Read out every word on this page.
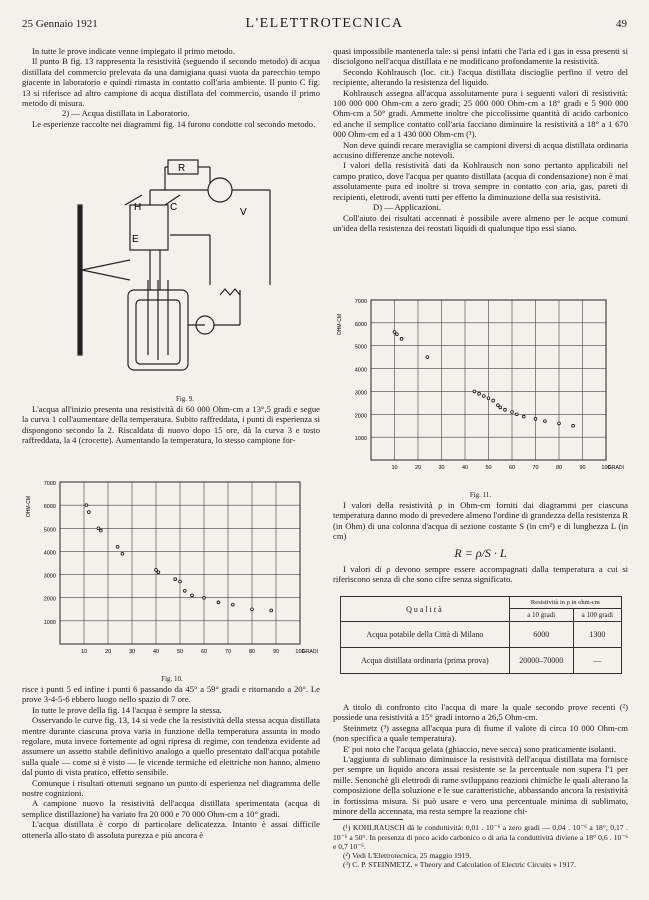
25 Gennaio 1921	L'ELETTROTECNICA	49

In tutte le prove indicate venne impiegato il primo metodo.

Il punto B fig. 13 rappresenta la resistività (seguendo il secondo metodo) di acqua distillata del commercio prelevata da una damigiana quasi vuota da parecchio tempo giacente in laboratorio e quindi rimasta in contatto coll'aria ambiente. Il punto C fig. 13 si riferisce ad altro campione di acqua distillata del commercio, usando il primo metodo di misura.

2) — Acqua distillata in Laboratorio.

Le esperienze raccolte nei diagrammi fig. 14 furono condotte col secondo metodo.

R
H	C	V
E
Fig. 9.

L'acqua all'inizio presenta una resistività di 60 000 Ohm-cm a 13°,5 gradi e segue la curva 1 coll'aumentare della temperatura. Subito raffreddata, i punti di esperienza si dispongono secondo la 2. Riscaldata di nuovo dopo 15 ore, dà la curva 3 e tosto raffreddata, la 4 (crocette). Aumentando la temperatura, lo stesso campione for-

7000
6000
5000
4000
3000
2000
1000
10	20	30	40	50	60	70	80	90	100
OHM-CM
GRADI
Fig. 10.

risce i punti 5 ed infine i punti 6 passando da 45° a 59° gradi e ritornando a 20°. Le prove 3-4-5-6 ebbero luogo nello spazio di 7 ore.

In tutte le prove della fig. 14 l'acqua è sempre la stessa.

Osservando le curve fig. 13, 14 si vede che la resistività della stessa acqua distillata mentre durante ciascuna prova varia in funzione della temperatura assunta in modo regolare, muta invece fortemente ad ogni ripresa di regime, con tendenza evidente ad assumere un assetto stabile definitivo analogo a quello presentato dall'acqua potabile sulla quale — come si è visto — le vicende termiche ed elettriche non hanno, almeno dal punto di vista pratico, effetto sensibile.

Comunque i risultati ottenuti segnano un punto di esperienza nel diagramma delle nostre cognizioni.

A campione nuovo la resistività dell'acqua distillata sperimentata (acqua di semplice distillazione) ha variato fra 20 000 e 70 000 Ohm-cm a 10° gradi.

L'acqua distillata è corpo di particolare delicatezza. Intanto è assai difficile ottenerla allo stato di assoluta purezza e più ancora è

quasi impossibile mantenerla tale: si pensi infatti che l'aria ed i gas in essa presenti si disciolgono nell'acqua distillata e ne modificano profondamente la resistività.

Secondo Kohlrausch (loc. cit.) l'acqua distillata discioglie perfino il vetro del recipiente, alterando la resistenza del liquido.

Kohlrausch assegna all'acqua assolutamente pura i seguenti valori di resistività: 100 000 000 Ohm-cm a zero gradi; 25 000 000 Ohm-cm a 18° gradi e 5 900 000 Ohm-cm a 50° gradi. Ammette inoltre che piccolissime quantità di acido carbonico ed anche il semplice contatto coll'aria facciano diminuire la resistività a 18° a 1 670 000 Ohm-cm ed a 1 430 000 Ohm-cm (¹).

Non deve quindi recare meraviglia se campioni diversi di acqua distillata ordinaria accusino differenze anche notevoli.

I valori della resistività dati da Kohlrausch non sono pertanto applicabili nel campo pratico, dove l'acqua per quanto distillata (acqua di condensazione) non è mai assolutamente pura ed inoltre si trova sempre in contatto con aria, gas, pareti di recipienti, elettrodi, aventi tutti per effetto la diminuzione della sua resistività.

D) — Applicazioni.

Coll'aiuto dei risultati accennati è possibile avere almeno per le acque comuni un'idea della resistenza dei reostati liquidi di qualunque tipo essi siano.

7000
6000
5000
4000
3000
2000
1000
10	20	30	40	50	60	70	80	90	100
OHM-CM
GRADI
Fig. 11.

I valori della resistività ρ in Ohm-cm forniti dai diagrammi per ciascuna temperatura danno modo di prevedere almeno l'ordine di grandezza della resistenza R (in Ohm) di una colonna d'acqua di sezione costante S (in cm²) e di lunghezza L (in cm)

R = ρ/S · L

I valori di ρ devono sempre essere accompagnati dalla temperatura a cui si riferiscono senza di che sono cifre senza significato.

Qualità	Resistività in ρ in ohm-cm	
	a 10 gradi	a 100 gradi
Acqua potabile della Città di Milano	6000	1300
Acqua distillata ordinaria (prima prova)	20000–70000	—

A titolo di confronto cito l'acqua di mare la quale secondo prove recenti (²) possiede una resistività a 15° gradi intorno a 26,5 Ohm-cm.

Steinmetz (³) assegna all'acqua pura di fiume il valore di circa 10 000 Ohm-cm (non specifica a quale temperatura).

E' poi noto che l'acqua gelata (ghiaccio, neve secca) sono praticamente isolanti.

L'aggiunta di sublimato diminuisce la resistività dell'acqua distillata ma fornisce per sempre un liquido ancora assai resistente se la percentuale non supera l'1 per mille. Senonchè gli elettrodi di rame sviluppano reazioni chimiche le quali alterano la composizione della soluzione e le sue caratteristiche, abbassando ancora la resistività in fortissima misura. Si può usare e vero una percentuale minima di sublimato, minore della accennata, ma resta sempre la reazione chi-

(¹) KOHLRAUSCH dà le conduttività: 0,01 . 10⁻⁶ a zero gradi — 0,04 . 10⁻⁶ a 18°, 0,17 . 10⁻⁶ a 50°. In presenza di poco acido carbonico o di aria la conduttività diviene a 18° 0,6 . 10⁻⁶ e 0,7 10⁻⁶.

(²) Vedi L'Elettrotecnica, 25 maggio 1919.

(³) C. P. STEINMETZ, « Theory and Calculation of Electric Circuits » 1917.
